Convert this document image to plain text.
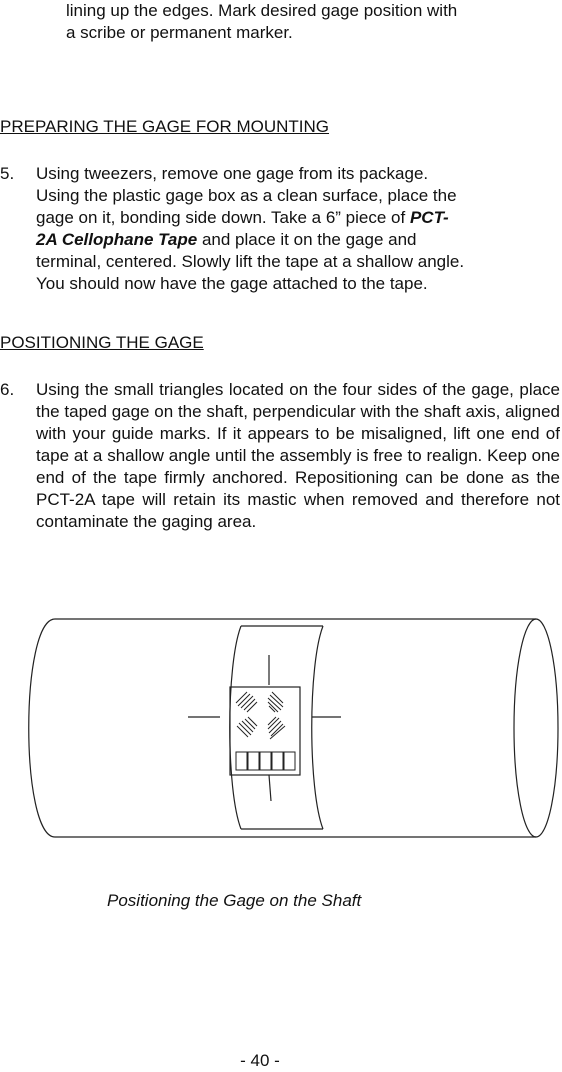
lining up the edges. Mark desired gage position with
a scribe or permanent marker.
PREPARING THE GAGE FOR MOUNTING
5. Using tweezers, remove one gage from its package.
Using the plastic gage box as a clean surface, place the
gage on it, bonding side down. Take a 6” piece of PCT-
2A Cellophane Tape and place it on the gage and
terminal, centered. Slowly lift the tape at a shallow angle.
You should now have the gage attached to the tape.
POSITIONING THE GAGE
6. Using the small triangles located on the four sides of the gage, place the taped gage on the shaft, perpendicular with the shaft axis, aligned with your guide marks. If it appears to be misaligned, lift one end of tape at a shallow angle until the assembly is free to realign. Keep one end of the tape firmly anchored. Repositioning can be done as the PCT-2A tape will retain its mastic when removed and therefore not contaminate the gaging area.
Positioning the Gage on the Shaft
- 40 -
